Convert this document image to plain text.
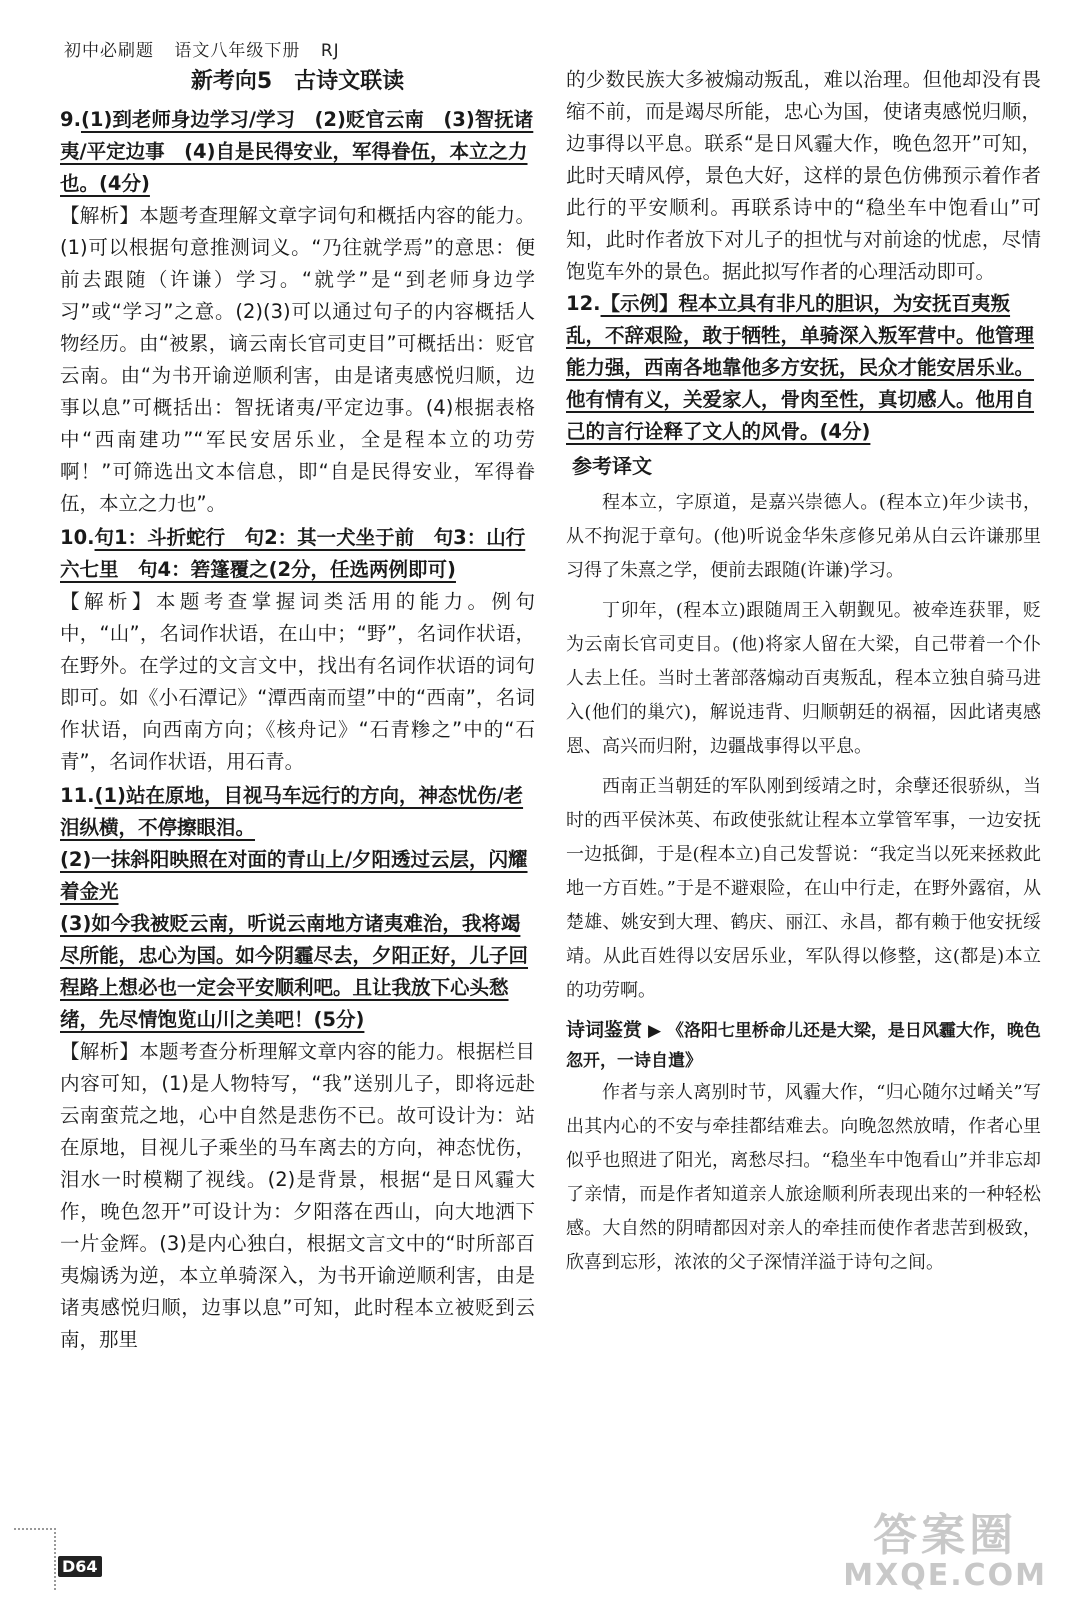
初中必刷题 语文八年级下册 RJ
新考向5　古诗文联读
9.(1)到老师身边学习/学习　(2)贬官云南　(3)智抚诸夷/平定边事　(4)自是民得安业，军得眷伍，本立之力也。(4分)
【解析】本题考查理解文章字词句和概括内容的能力。(1)可以根据句意推测词义。“乃往就学焉”的意思：便前去跟随（许谦）学习。“就学”是“到老师身边学习”或“学习”之意。(2)(3)可以通过句子的内容概括人物经历。由“被累，谪云南长官司吏目”可概括出：贬官云南。由“为书开谕逆顺利害，由是诸夷感悦归顺，边事以息”可概括出：智抚诸夷/平定边事。(4)根据表格中“西南建功”“军民安居乐业，全是程本立的功劳啊！”可筛选出文本信息，即“自是民得安业，军得眷伍，本立之力也”。
10.句1：斗折蛇行　句2：其一犬坐于前　句3：山行六七里　句4：箬篷覆之(2分，任选两例即可)
【解析】本题考查掌握词类活用的能力。例句中，“山”，名词作状语，在山中；“野”，名词作状语，在野外。在学过的文言文中，找出有名词作状语的词句即可。如《小石潭记》“潭西南而望”中的“西南”，名词作状语，向西南方向；《核舟记》“石青糁之”中的“石青”，名词作状语，用石青。
11.(1)站在原地，目视马车远行的方向，神态忧伤/老泪纵横，不停擦眼泪。
(2)一抹斜阳映照在对面的青山上/夕阳透过云层，闪耀着金光
(3)如今我被贬云南，听说云南地方诸夷难治，我将竭尽所能，忠心为国。如今阴霾尽去，夕阳正好，儿子回程路上想必也一定会平安顺利吧。且让我放下心头愁绪，先尽情饱览山川之美吧！(5分)
【解析】本题考查分析理解文章内容的能力。根据栏目内容可知，(1)是人物特写，“我”送别儿子，即将远赴云南蛮荒之地，心中自然是悲伤不已。故可设计为：站在原地，目视儿子乘坐的马车离去的方向，神态忧伤，泪水一时模糊了视线。(2)是背景，根据“是日风霾大作，晚色忽开”可设计为：夕阳落在西山，向大地洒下一片金辉。(3)是内心独白，根据文言文中的“时所部百夷煽诱为逆，本立单骑深入，为书开谕逆顺利害，由是诸夷感悦归顺，边事以息”可知，此时程本立被贬到云南，那里
的少数民族大多被煽动叛乱，难以治理。但他却没有畏缩不前，而是竭尽所能，忠心为国，使诸夷感悦归顺，边事得以平息。联系“是日风霾大作，晚色忽开”可知，此时天晴风停，景色大好，这样的景色仿佛预示着作者此行的平安顺利。再联系诗中的“稳坐车中饱看山”可知，此时作者放下对儿子的担忧与对前途的忧虑，尽情饱览车外的景色。据此拟写作者的心理活动即可。
12.【示例】程本立具有非凡的胆识，为安抚百夷叛乱，不辞艰险，敢于牺牲，单骑深入叛军营中。他管理能力强，西南各地靠他多方安抚，民众才能安居乐业。他有情有义，关爱家人，骨肉至性，真切感人。他用自己的言行诠释了文人的风骨。(4分)
参考译文

程本立，字原道，是嘉兴崇德人。(程本立)年少读书，从不拘泥于章句。(他)听说金华朱彦修兄弟从白云许谦那里习得了朱熹之学，便前去跟随(许谦)学习。

丁卯年，(程本立)跟随周王入朝觐见。被牵连获罪，贬为云南长官司吏目。(他)将家人留在大梁，自己带着一个仆人去上任。当时土著部落煽动百夷叛乱，程本立独自骑马进入(他们的巢穴)，解说违背、归顺朝廷的祸福，因此诸夷感恩、高兴而归附，边疆战事得以平息。

西南正当朝廷的军队刚到绥靖之时，余孽还很骄纵，当时的西平侯沐英、布政使张紞让程本立掌管军事，一边安抚一边抵御，于是(程本立)自己发誓说：“我定当以死来拯救此地一方百姓。”于是不避艰险，在山中行走，在野外露宿，从楚雄、姚安到大理、鹤庆、丽江、永昌，都有赖于他安抚绥靖。从此百姓得以安居乐业，军队得以修整，这(都是)本立的功劳啊。

诗词鉴赏 ▶ 《洛阳七里桥命儿还是大梁，是日风霾大作，晚色忽开，一诗自遣》

作者与亲人离别时节，风霾大作，“归心随尔过崤关”写出其内心的不安与牵挂都结难去。向晚忽然放晴，作者心里似乎也照进了阳光，离愁尽扫。“稳坐车中饱看山”并非忘却了亲情，而是作者知道亲人旅途顺利所表现出来的一种轻松感。大自然的阴晴都因对亲人的牵挂而使作者悲苦到极致，欣喜到忘形，浓浓的父子深情洋溢于诗句之间。

D64
答案圈
MXQE.COM
